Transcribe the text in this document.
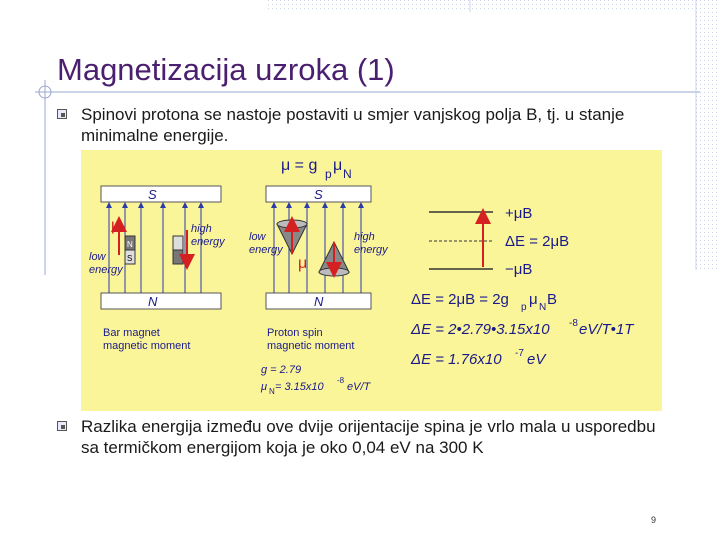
Magnetizacija uzroka (1)
Spinovi protona se nastoje postaviti u smjer vanjskog polja B, tj. u stanje minimalne energije.
μ = g p μ N
S
N
N
S
μ	high
energy
low
energy
Bar magnet
magnetic moment
S
N
low
energy
high
energy
μ
Proton spin
magnetic moment
g = 2.79
μ N = 3.15x10
-8
eV/T
+μB
ΔE = 2μB
−μB
ΔE = 2μB = 2g p μ N B
ΔE = 2•2.79•3.15x10 -8 eV/T•1T
ΔE = 1.76x10 -7 eV
Razlika energija između ove dvije orijentacije spina je vrlo mala u usporedbu sa termičkom energijom koja je oko 0,04 eV na 300 K
9
